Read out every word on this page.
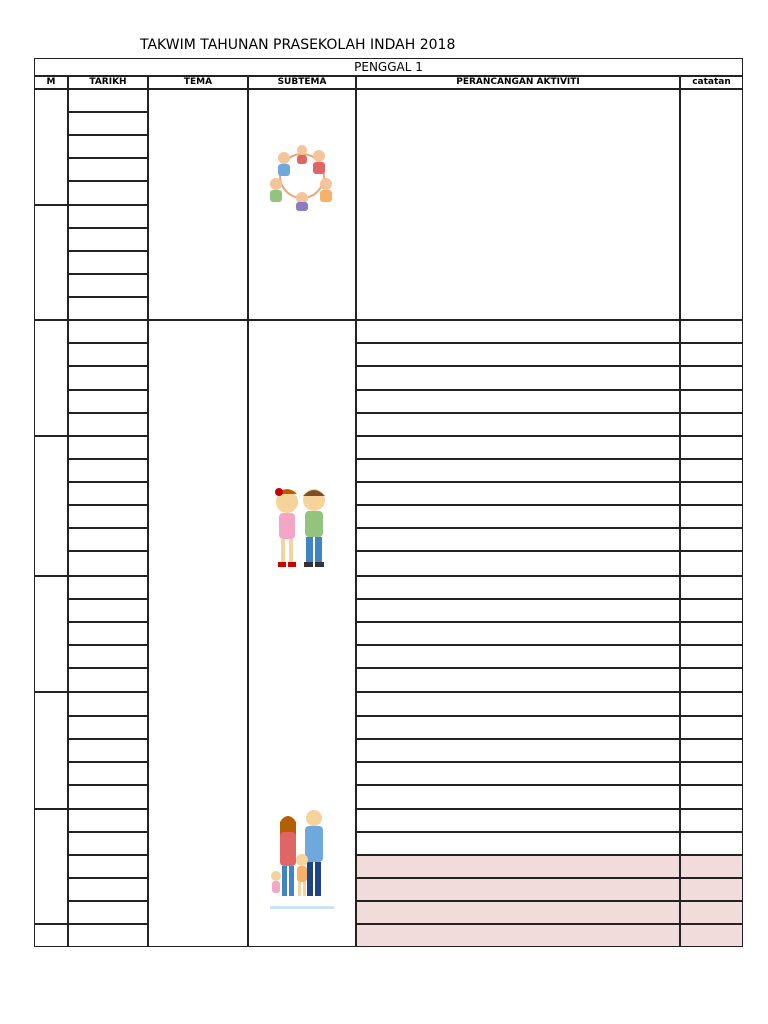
TAKWIM TAHUNAN PRASEKOLAH INDAH 2018
PENGGAL 1
M	TARIKH	TEMA	SUBTEMA	PERANCANGAN AKTIVITI	catatan
